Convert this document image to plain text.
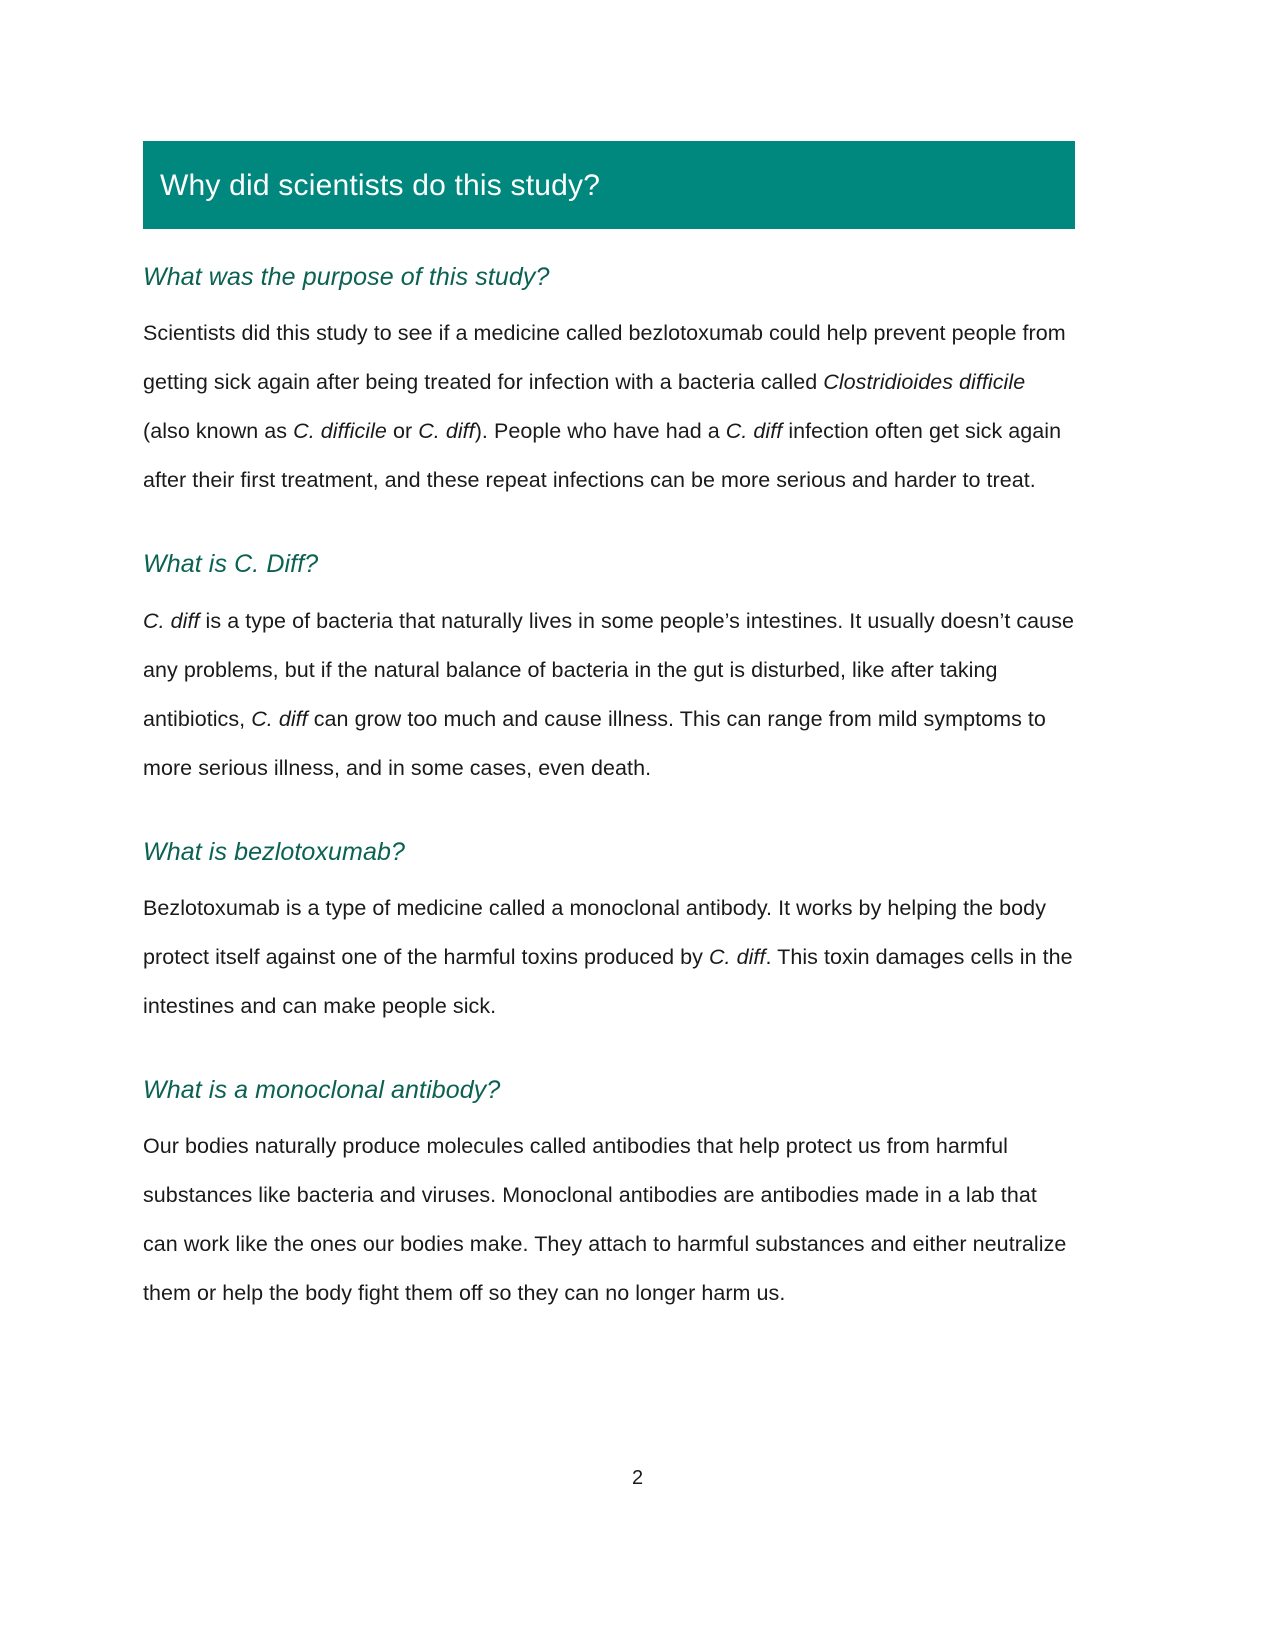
Why did scientists do this study?
What was the purpose of this study?

Scientists did this study to see if a medicine called bezlotoxumab could help prevent people from getting sick again after being treated for infection with a bacteria called Clostridioides difficile (also known as C. difficile or C. diff). People who have had a C. diff infection often get sick again after their first treatment, and these repeat infections can be more serious and harder to treat.

What is C. Diff?

C. diff is a type of bacteria that naturally lives in some people’s intestines. It usually doesn’t cause any problems, but if the natural balance of bacteria in the gut is disturbed, like after taking antibiotics, C. diff can grow too much and cause illness. This can range from mild symptoms to more serious illness, and in some cases, even death.

What is bezlotoxumab?

Bezlotoxumab is a type of medicine called a monoclonal antibody. It works by helping the body protect itself against one of the harmful toxins produced by C. diff. This toxin damages cells in the intestines and can make people sick.

What is a monoclonal antibody?

Our bodies naturally produce molecules called antibodies that help protect us from harmful substances like bacteria and viruses. Monoclonal antibodies are antibodies made in a lab that can work like the ones our bodies make. They attach to harmful substances and either neutralize them or help the body fight them off so they can no longer harm us.

2
